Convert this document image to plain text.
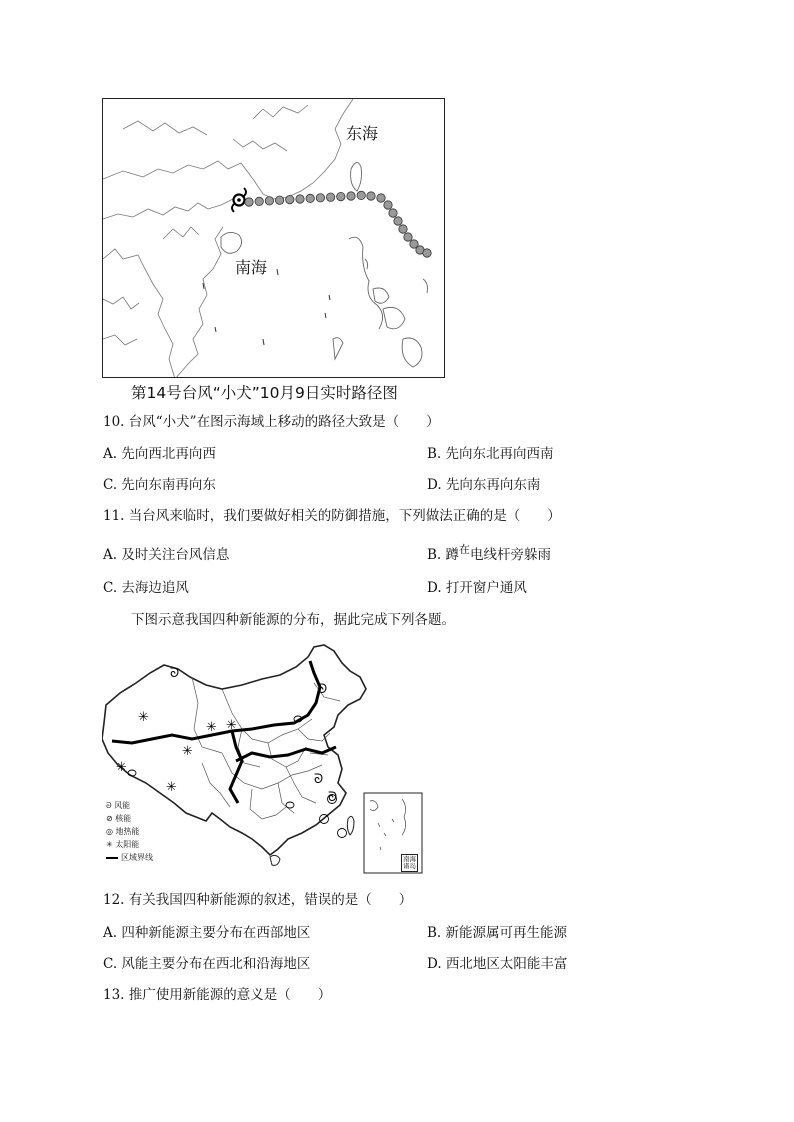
东海
南海
第14号台风“小犬”10月9日实时路径图
10. 台风“小犬”在图示海域上移动的路径大致是（　　）
A. 先向西北再向西	B. 先向东北再向西南
C. 先向东南再向东	D. 先向东再向东南
11. 当台风来临时，我们要做好相关的防御措施，下列做法正确的是（　　）
A. 及时关注台风信息	B. 蹲$^在$电线杆旁躲雨
C. 去海边追风	D. 打开窗户通风
下图示意我国四种新能源的分布，据此完成下列各题。
ᘐ
ᘐ
ᘐ
ᘐ
✳
✳ ✳
✳
✳
✳
南海
诸岛
ᘐ 风能
⊘ 核能
◎ 地热能
✳ 太阳能
区域界线
12. 有关我国四种新能源的叙述，错误的是（　　）
A. 四种新能源主要分布在西部地区	B. 新能源属可再生能源
C. 风能主要分布在西北和沿海地区	D. 西北地区太阳能丰富
13. 推广使用新能源的意义是（　　）
